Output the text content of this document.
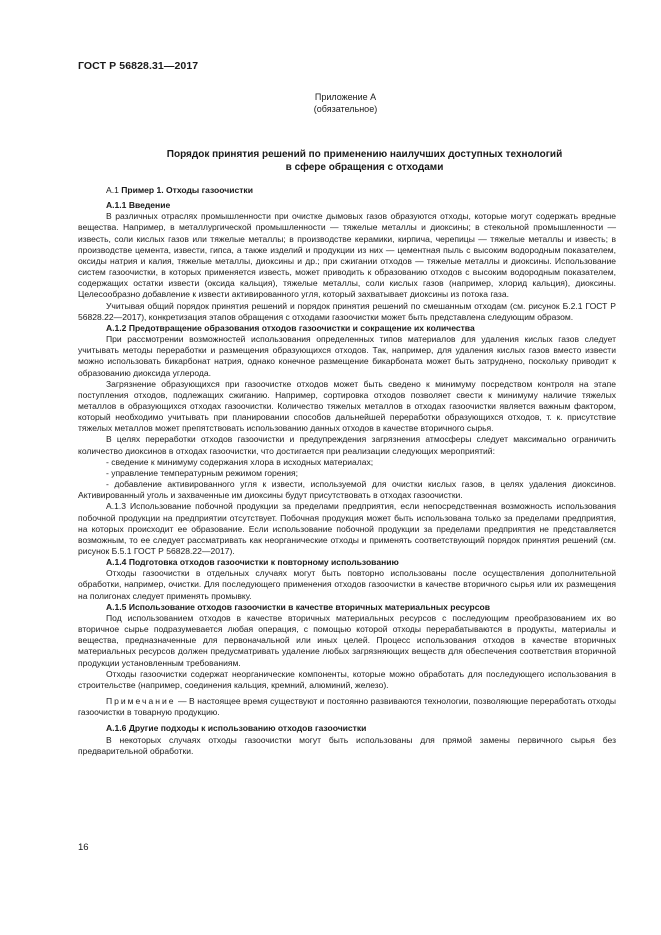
ГОСТ Р 56828.31—2017
Приложение А
(обязательное)
Порядок принятия решений по применению наилучших доступных технологий
в сфере обращения с отходами
А.1 Пример 1. Отходы газоочистки
А.1.1 Введение

В различных отраслях промышленности при очистке дымовых газов образуются отходы, которые могут содержать вредные вещества. Например, в металлургической промышленности — тяжелые металлы и диоксины; в стекольной промышленности — известь, соли кислых газов или тяжелые металлы; в производстве керамики, кирпича, черепицы — тяжелые металлы и известь; в производстве цемента, извести, гипса, а также изделий и продукции из них — цементная пыль с высоким водородным показателем, оксиды натрия и калия, тяжелые металлы, диоксины и др.; при сжигании отходов — тяжелые металлы и диоксины. Использование систем газоочистки, в которых применяется известь, может приводить к образованию отходов с высоким водородным показателем, содержащих остатки извести (оксида кальция), тяжелые металлы, соли кислых газов (например, хлорид кальция), диоксины. Целесообразно добавление к извести активированного угля, который захватывает диоксины из потока газа.

Учитывая общий порядок принятия решений и порядок принятия решений по смешанным отходам (см. рисунок Б.2.1 ГОСТ Р 56828.22—2017), конкретизация этапов обращения с отходами газоочистки может быть представлена следующим образом.

А.1.2 Предотвращение образования отходов газоочистки и сокращение их количества

При рассмотрении возможностей использования определенных типов материалов для удаления кислых газов следует учитывать методы переработки и размещения образующихся отходов. Так, например, для удаления кислых газов вместо извести можно использовать бикарбонат натрия, однако конечное размещение бикарбоната может быть затруднено, поскольку приводит к образованию диоксида углерода.

Загрязнение образующихся при газоочистке отходов может быть сведено к минимуму посредством контроля на этапе поступления отходов, подлежащих сжиганию. Например, сортировка отходов позволяет свести к минимуму наличие тяжелых металлов в образующихся отходах газоочистки. Количество тяжелых металлов в отходах газоочистки является важным фактором, который необходимо учитывать при планировании способов дальнейшей переработки образующихся отходов, т. к. присутствие тяжелых металлов может препятствовать использованию данных отходов в качестве вторичного сырья.

В целях переработки отходов газоочистки и предупреждения загрязнения атмосферы следует максимально ограничить количество диоксинов в отходах газоочистки, что достигается при реализации следующих мероприятий:

- сведение к минимуму содержания хлора в исходных материалах;

- управление температурным режимом горения;

- добавление активированного угля к извести, используемой для очистки кислых газов, в целях удаления диоксинов. Активированный уголь и захваченные им диоксины будут присутствовать в отходах газоочистки.

А.1.3 Использование побочной продукции за пределами предприятия, если непосредственная возможность использования побочной продукции на предприятии отсутствует. Побочная продукция может быть использована только за пределами предприятия, на которых происходит ее образование. Если использование побочной продукции за пределами предприятия не представляется возможным, то ее следует рассматривать как неорганические отходы и применять соответствующий порядок принятия решений (см. рисунок Б.5.1 ГОСТ Р 56828.22—2017).

А.1.4 Подготовка отходов газоочистки к повторному использованию

Отходы газоочистки в отдельных случаях могут быть повторно использованы после осуществления дополнительной обработки, например, очистки. Для последующего применения отходов газоочистки в качестве вторичного сырья или их размещения на полигонах следует применять промывку.

А.1.5 Использование отходов газоочистки в качестве вторичных материальных ресурсов

Под использованием отходов в качестве вторичных материальных ресурсов с последующим преобразованием их во вторичное сырье подразумевается любая операция, с помощью которой отходы перерабатываются в продукты, материалы и вещества, предназначенные для первоначальной или иных целей. Процесс использования отходов в качестве вторичных материальных ресурсов должен предусматривать удаление любых загрязняющих веществ для обеспечения соответствия вторичной продукции установленным требованиям.

Отходы газоочистки содержат неорганические компоненты, которые можно обработать для последующего использования в строительстве (например, соединения кальция, кремний, алюминий, железо).

Примечание — В настоящее время существуют и постоянно развиваются технологии, позволяющие переработать отходы газоочистки в товарную продукцию.

А.1.6 Другие подходы к использованию отходов газоочистки

В некоторых случаях отходы газоочистки могут быть использованы для прямой замены первичного сырья без предварительной обработки.

16
